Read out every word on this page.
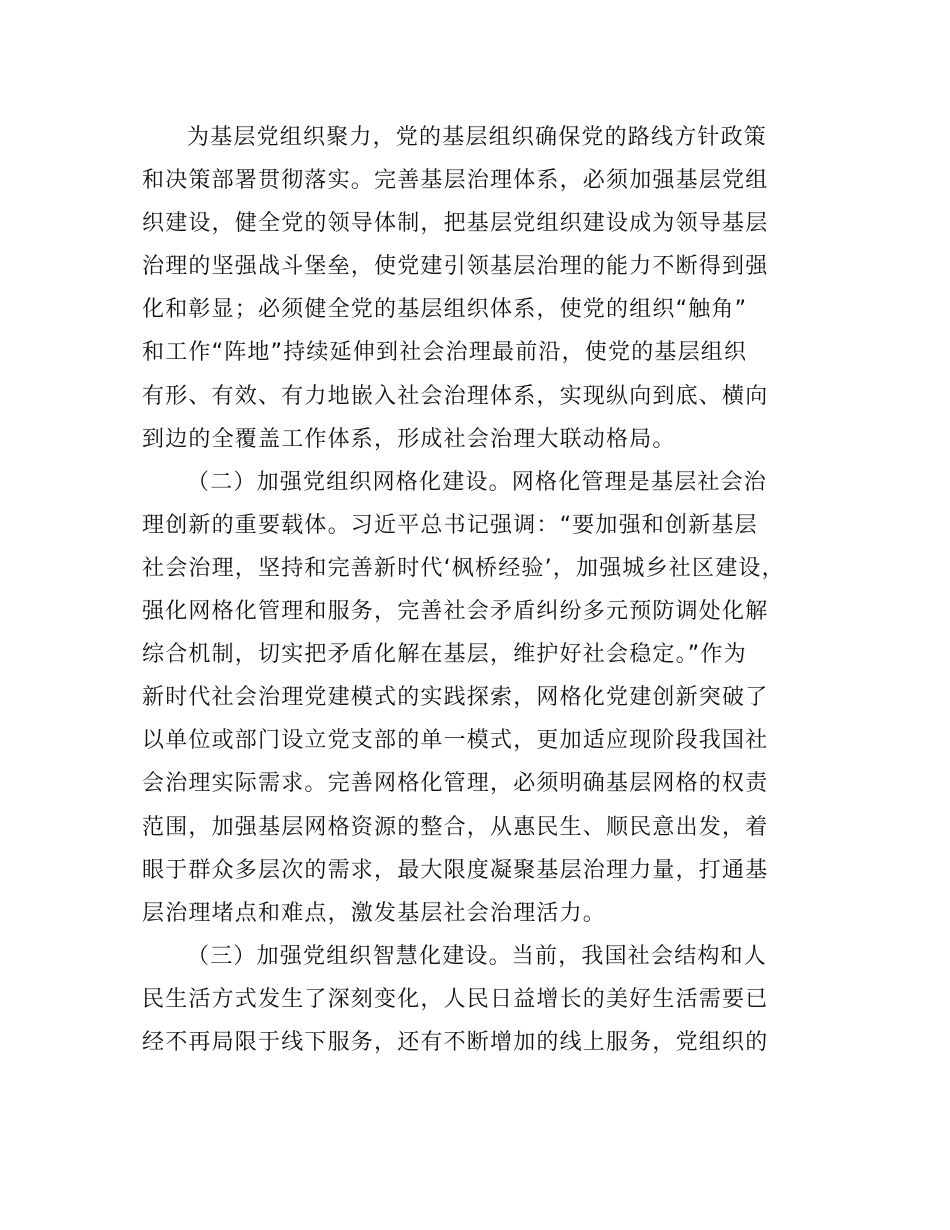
为基层党组织聚力，党的基层组织确保党的路线方针政策
和决策部署贯彻落实。完善基层治理体系，必须加强基层党组
织建设，健全党的领导体制，把基层党组织建设成为领导基层
治理的坚强战斗堡垒，使党建引领基层治理的能力不断得到强
化和彰显；必须健全党的基层组织体系，使党的组织“触角”
和工作“阵地”持续延伸到社会治理最前沿，使党的基层组织
有形、有效、有力地嵌入社会治理体系，实现纵向到底、横向
到边的全覆盖工作体系，形成社会治理大联动格局。
（二）加强党组织网格化建设。网格化管理是基层社会治
理创新的重要载体。习近平总书记强调：“要加强和创新基层
社会治理，坚持和完善新时代‘枫桥经验’，加强城乡社区建设，
强化网格化管理和服务，完善社会矛盾纠纷多元预防调处化解
综合机制，切实把矛盾化解在基层，维护好社会稳定。”作为
新时代社会治理党建模式的实践探索，网格化党建创新突破了
以单位或部门设立党支部的单一模式，更加适应现阶段我国社
会治理实际需求。完善网格化管理，必须明确基层网格的权责
范围，加强基层网格资源的整合，从惠民生、顺民意出发，着
眼于群众多层次的需求，最大限度凝聚基层治理力量，打通基
层治理堵点和难点，激发基层社会治理活力。
（三）加强党组织智慧化建设。当前，我国社会结构和人
民生活方式发生了深刻变化，人民日益增长的美好生活需要已
经不再局限于线下服务，还有不断增加的线上服务，党组织的
